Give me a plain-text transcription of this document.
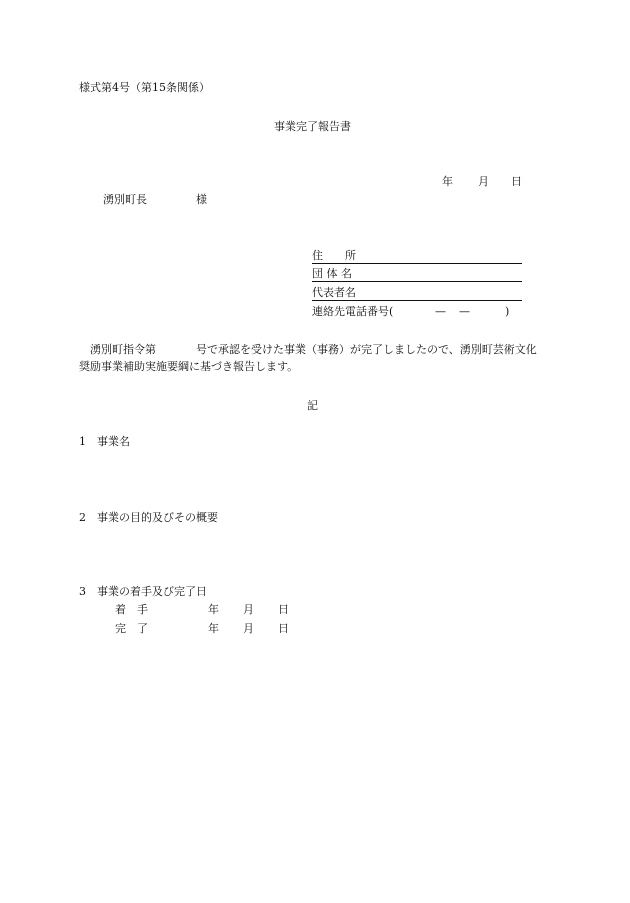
様式第4号（第15条関係）
事業完了報告書
年 月 日
湧別町長	様
住　　所
団 体 名
代表者名
連絡先電話番号(	— —	)
湧別町指令第	号で承認を受けた事業（事務）が完了しましたので、湧別町芸術文化
奨励事業補助実施要綱に基づき報告します。
記
1　事業名
2　事業の目的及びその概要
3　事業の着手及び完了日
着　手	年 月 日
完　了	年 月 日
